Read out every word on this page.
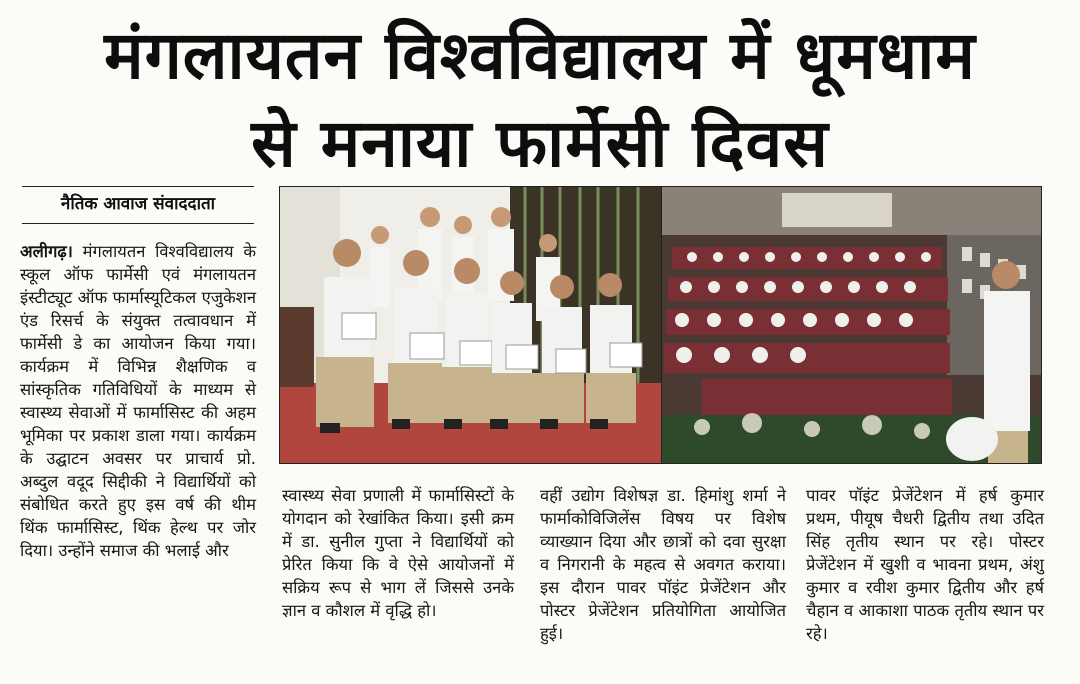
मंगलायतन विश्वविद्यालय में धूमधाम
से मनाया फार्मेसी दिवस
नैतिक आवाज संवाददाता

अलीगढ़। मंगलायतन विश्वविद्यालय के स्कूल ऑफ फार्मेसी एवं मंगलायतन इंस्टीट्यूट ऑफ फार्मास्यूटिकल एजुकेशन एंड रिसर्च के संयुक्त तत्वावधान में फार्मेसी डे का आयोजन किया गया। कार्यक्रम में विभिन्न शैक्षणिक व सांस्कृतिक गतिविधियों के माध्यम से स्वास्थ्य सेवाओं में फार्मासिस्ट की अहम भूमिका पर प्रकाश डाला गया। कार्यक्रम के उद्घाटन अवसर पर प्राचार्य प्रो. अब्दुल वदूद सिद्दीकी ने विद्यार्थियों को संबोधित करते हुए इस वर्ष की थीम थिंक फार्मासिस्ट, थिंक हेल्थ पर जोर दिया। उन्होंने समाज की भलाई और

स्वास्थ्य सेवा प्रणाली में फार्मासिस्टों के योगदान को रेखांकित किया। इसी क्रम में डा. सुनील गुप्ता ने विद्यार्थियों को प्रेरित किया कि वे ऐसे आयोजनों में सक्रिय रूप से भाग लें जिससे उनके ज्ञान व कौशल में वृद्धि हो।

वहीं उद्योग विशेषज्ञ डा. हिमांशु शर्मा ने फार्माकोविजिलेंस विषय पर विशेष व्याख्यान दिया और छात्रों को दवा सुरक्षा व निगरानी के महत्व से अवगत कराया। इस दौरान पावर पॉइंट प्रेजेंटेशन और पोस्टर प्रेजेंटेशन प्रतियोगिता आयोजित हुई।

पावर पॉइंट प्रेजेंटेशन में हर्ष कुमार प्रथम, पीयूष चैधरी द्वितीय तथा उदित सिंह तृतीय स्थान पर रहे। पोस्टर प्रेजेंटेशन में खुशी व भावना प्रथम, अंशु कुमार व रवीश कुमार द्वितीय और हर्ष चैहान व आकाशा पाठक तृतीय स्थान पर रहे।
